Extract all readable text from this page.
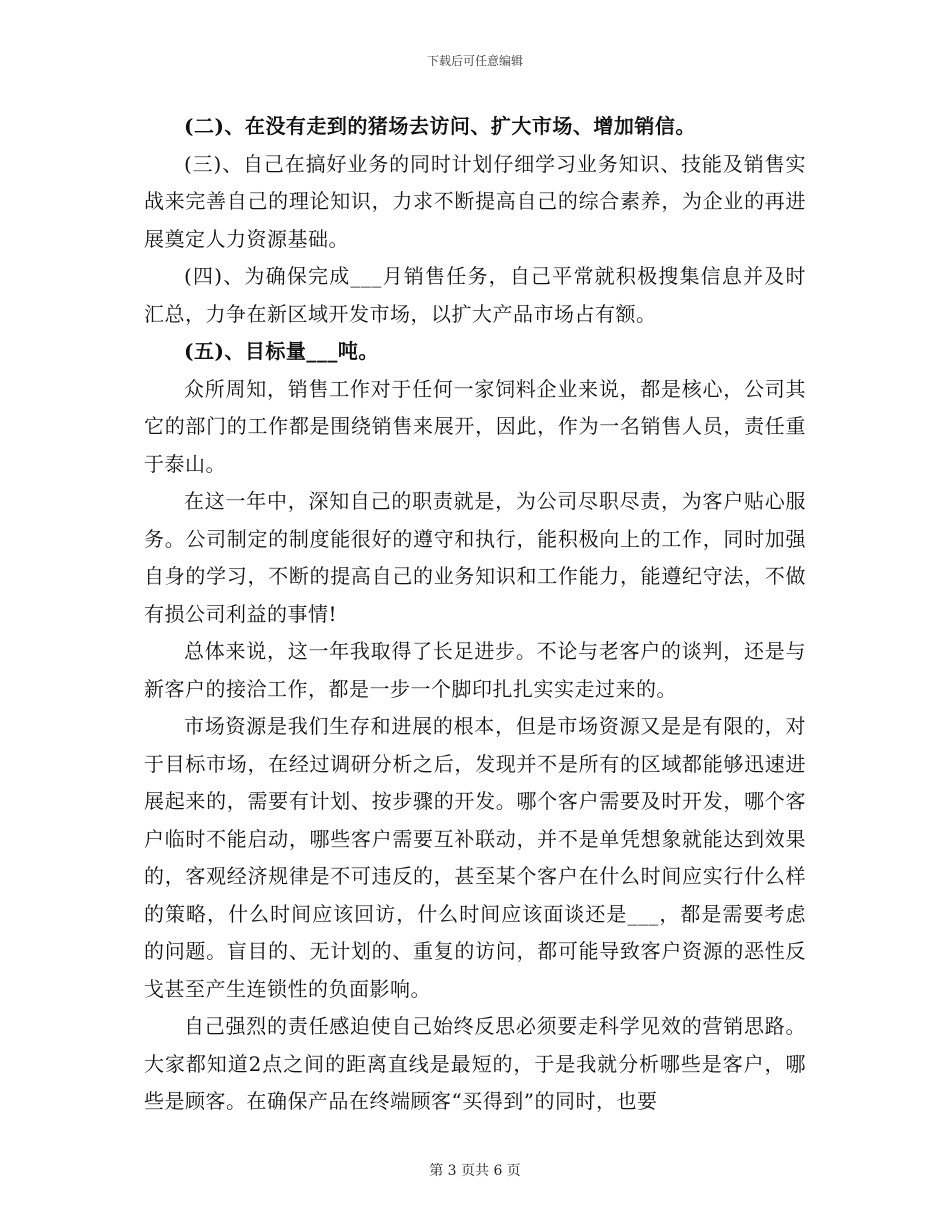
下载后可任意编辑

(二)、在没有走到的猪场去访问、扩大市场、增加销信。

(三)、自己在搞好业务的同时计划仔细学习业务知识、技能及销售实战来完善自己的理论知识，力求不断提高自己的综合素养，为企业的再进展奠定人力资源基础。

(四)、为确保完成___月销售任务，自己平常就积极搜集信息并及时汇总，力争在新区域开发市场，以扩大产品市场占有额。

(五)、目标量___吨。

众所周知，销售工作对于任何一家饲料企业来说，都是核心，公司其它的部门的工作都是围绕销售来展开，因此，作为一名销售人员，责任重于泰山。

在这一年中，深知自己的职责就是，为公司尽职尽责，为客户贴心服务。公司制定的制度能很好的遵守和执行，能积极向上的工作，同时加强自身的学习，不断的提高自己的业务知识和工作能力，能遵纪守法，不做有损公司利益的事情!

总体来说，这一年我取得了长足进步。不论与老客户的谈判，还是与新客户的接洽工作，都是一步一个脚印扎扎实实走过来的。

市场资源是我们生存和进展的根本，但是市场资源又是是有限的，对于目标市场，在经过调研分析之后，发现并不是所有的区域都能够迅速进展起来的，需要有计划、按步骤的开发。哪个客户需要及时开发，哪个客户临时不能启动，哪些客户需要互补联动，并不是单凭想象就能达到效果的，客观经济规律是不可违反的，甚至某个客户在什么时间应实行什么样的策略，什么时间应该回访，什么时间应该面谈还是___，都是需要考虑的问题。盲目的、无计划的、重复的访问，都可能导致客户资源的恶性反戈甚至产生连锁性的负面影响。

自己强烈的责任感迫使自己始终反思必须要走科学见效的营销思路。大家都知道2点之间的距离直线是最短的，于是我就分析哪些是客户，哪些是顾客。在确保产品在终端顾客“买得到”的同时，也要

第 3 页共 6 页
